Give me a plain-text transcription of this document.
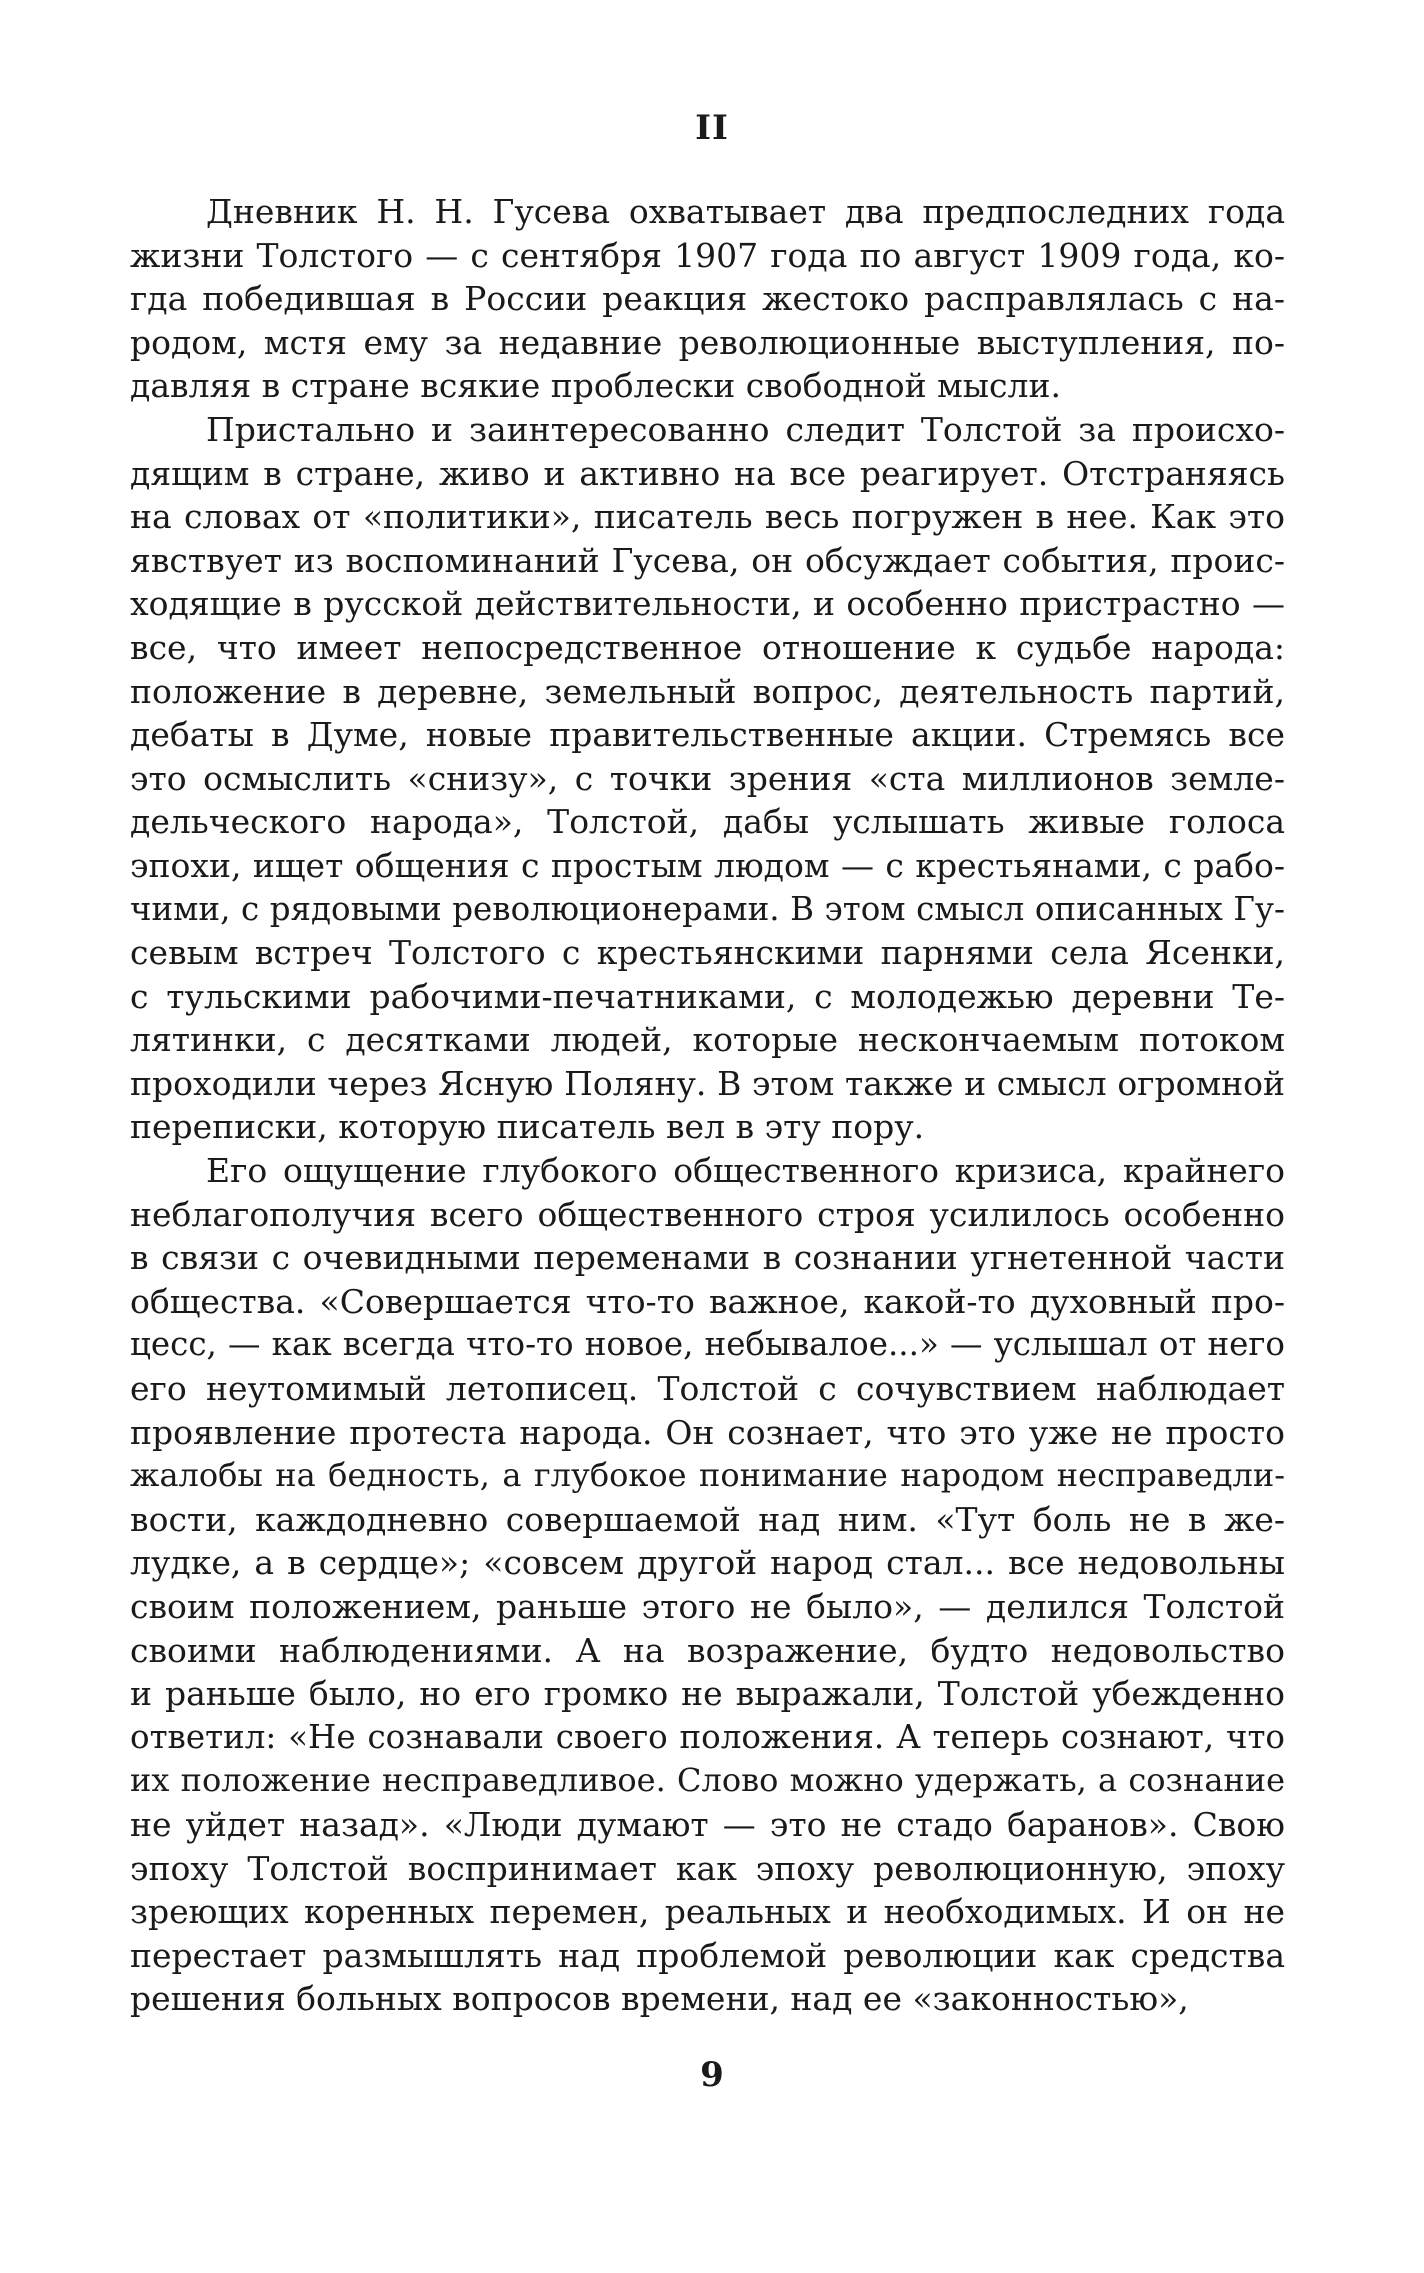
II
Дневник Н. Н. Гусева охватывает два предпоследних года
жизни Толстого — с сентября 1907 года по август 1909 года, ко-
гда победившая в России реакция жестоко расправлялась с на-
родом, мстя ему за недавние революционные выступления, по-
давляя в стране всякие проблески свободной мысли.
Пристально и заинтересованно следит Толстой за происхо-
дящим в стране, живо и активно на все реагирует. Отстраняясь
на словах от «политики», писатель весь погружен в нее. Как это
явствует из воспоминаний Гусева, он обсуждает события, проис-
ходящие в русской действительности, и особенно пристрастно —
все, что имеет непосредственное отношение к судьбе народа:
положение в деревне, земельный вопрос, деятельность партий,
дебаты в Думе, новые правительственные акции. Стремясь все
это осмыслить «снизу», с точки зрения «ста миллионов земле-
дельческого народа», Толстой, дабы услышать живые голоса
эпохи, ищет общения с простым людом — с крестьянами, с рабо-
чими, с рядовыми революционерами. В этом смысл описанных Гу-
севым встреч Толстого с крестьянскими парнями села Ясенки,
с тульскими рабочими-печатниками, с молодежью деревни Те-
лятинки, с десятками людей, которые нескончаемым потоком
проходили через Ясную Поляну. В этом также и смысл огромной
переписки, которую писатель вел в эту пору.
Его ощущение глубокого общественного кризиса, крайнего
неблагополучия всего общественного строя усилилось особенно
в связи с очевидными переменами в сознании угнетенной части
общества. «Совершается что-то важное, какой-то духовный про-
цесс, — как всегда что-то новое, небывалое...» — услышал от него
его неутомимый летописец. Толстой с сочувствием наблюдает
проявление протеста народа. Он сознает, что это уже не просто
жалобы на бедность, а глубокое понимание народом несправедли-
вости, каждодневно совершаемой над ним. «Тут боль не в же-
лудке, а в сердце»; «совсем другой народ стал... все недовольны
своим положением, раньше этого не было», — делился Толстой
своими наблюдениями. А на возражение, будто недовольство
и раньше было, но его громко не выражали, Толстой убежденно
ответил: «Не сознавали своего положения. А теперь сознают, что
их положение несправедливое. Слово можно удержать, а сознание
не уйдет назад». «Люди думают — это не стадо баранов». Свою
эпоху Толстой воспринимает как эпоху революционную, эпоху
зреющих коренных перемен, реальных и необходимых. И он не
перестает размышлять над проблемой революции как средства
решения больных вопросов времени, над ее «законностью»,
9
